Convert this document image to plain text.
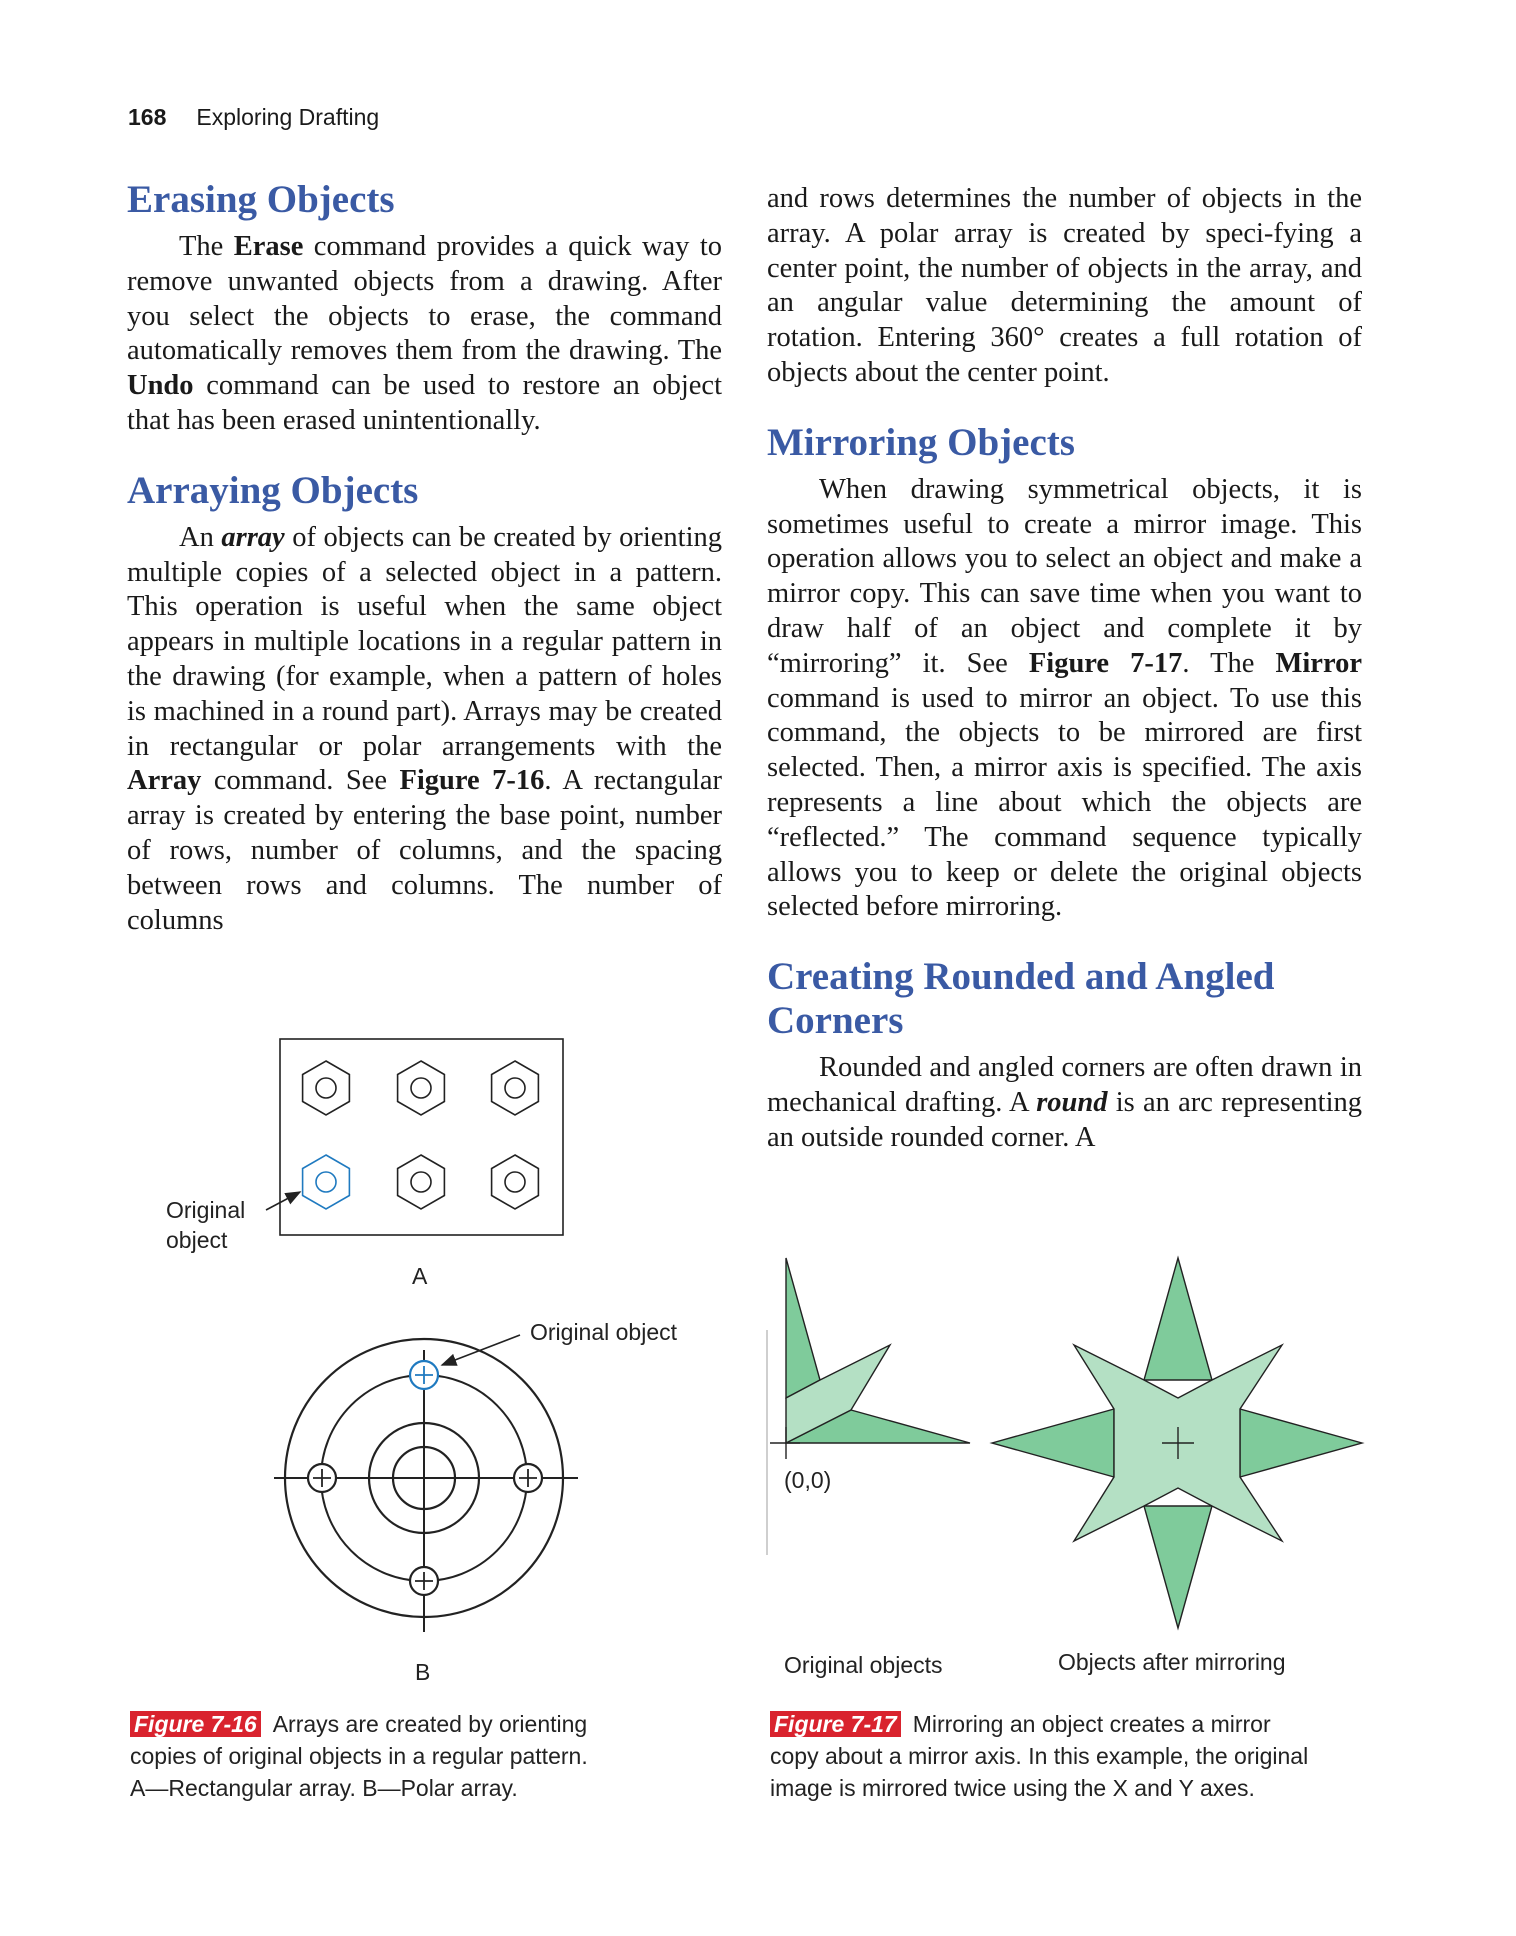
168 Exploring Drafting
Erasing Objects

The Erase command provides a quick way to remove unwanted objects from a drawing. After you select the objects to erase, the command automatically removes them from the drawing. The Undo command can be used to restore an object that has been erased unintentionally.

Arraying Objects

An array of objects can be created by orienting multiple copies of a selected object in a pattern. This operation is useful when the same object appears in multiple locations in a regular pattern in the drawing (for example, when a pattern of holes is machined in a round part). Arrays may be created in rectangular or polar arrangements with the Array command. See Figure 7-16. A rectangular array is created by entering the base point, number of rows, number of columns, and the spacing between rows and columns. The number of columns

and rows determines the number of objects in the array. A polar array is created by speci-fying a center point, the number of objects in the array, and an angular value determining the amount of rotation. Entering 360° creates a full rotation of objects about the center point.

Mirroring Objects

When drawing symmetrical objects, it is sometimes useful to create a mirror image. This operation allows you to select an object and make a mirror copy. This can save time when you want to draw half of an object and complete it by “mirroring” it. See Figure 7-17. The Mirror command is used to mirror an object. To use this command, the objects to be mirrored are first selected. Then, a mirror axis is specified. The axis represents a line about which the objects are “reflected.” The command sequence typically allows you to keep or delete the original objects selected before mirroring.

Creating Rounded and Angled
Corners

Rounded and angled corners are often drawn in mechanical drafting. A round is an arc representing an outside rounded corner. A

Original
object
A
Original object
B
(0,0)
Original objects	Objects after mirroring
Figure 7-16 Arrays are created by orienting
copies of original objects in a regular pattern.
A—Rectangular array. B—Polar array.
Figure 7-17 Mirroring an object creates a mirror
copy about a mirror axis. In this example, the original
image is mirrored twice using the X and Y axes.
